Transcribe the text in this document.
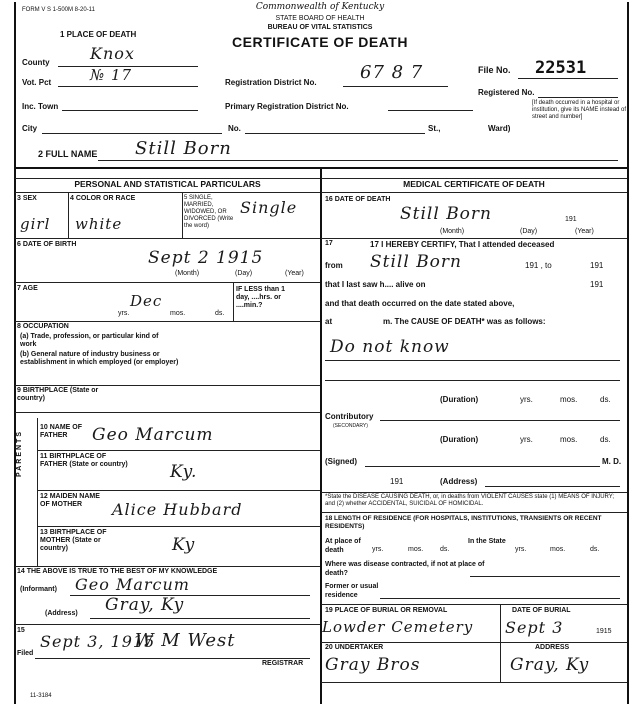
FORM V S 1-500M 8-20-11	Commonwealth of Kentucky
STATE BOARD OF HEALTH
BUREAU OF VITAL STATISTICS
CERTIFICATE OF DEATH
1 PLACE OF DEATH
County	Knox
Vot. Pct	№ 17	Registration District No. 67 8 7	File No. 22531
Registered No.
Inc. Town	Primary Registration District No.
City	No.	St.,	Ward)
[If death occurred in a hospital or institution, give its NAME instead of street and number]
2 FULL NAME Still Born
PERSONAL AND STATISTICAL PARTICULARS
3 SEX
girl
4 COLOR OR RACE
white
5 SINGLE, MARRIED, WIDOWED, OR DIVORCED (Write the word)
Single
6 DATE OF BIRTH
Sept 2 1915
(Month)	(Day)	(Year)
7 AGE
Dec
yrs.	mos.	ds.
IF LESS than 1 day, ....hrs. or ....min.?
8 OCCUPATION
(a) Trade, profession, or particular kind of work
(b) General nature of industry business or establishment in which employed (or employer)
9 BIRTHPLACE (State or country)
PARENTS
10 NAME OF FATHER	Geo Marcum
11 BIRTHPLACE OF FATHER (State or country) Ky.
12 MAIDEN NAME OF MOTHER	Alice Hubbard
13 BIRTHPLACE OF MOTHER (State or country)	Ky
14 THE ABOVE IS TRUE TO THE BEST OF MY KNOWLEDGE
Geo Marcum
(Informant)
Gray, Ky
(Address)
15
Filed
Sept 3, 1915
W M West
REGISTRAR
11-3184
MEDICAL CERTIFICATE OF DEATH
16 DATE OF DEATH
Still Born	191
(Month)	(Day)	(Year)
17	17 I HEREBY CERTIFY, That I attended deceased
from Still Born	191 , to	191
that I last saw h.... alive on	191
and that death occurred on the date stated above,
at	m. The CAUSE OF DEATH* was as follows:
Do not know
(Duration)	yrs.	mos.	ds.
Contributory
(SECONDARY)
(Duration)	yrs.	mos.	ds.
(Signed)	M. D.
191	(Address)
*State the DISEASE CAUSING DEATH, or, in deaths from VIOLENT CAUSES state (1) MEANS OF INJURY; and (2) whether ACCIDENTAL, SUICIDAL OF HOMICIDAL.
18 LENGTH OF RESIDENCE (FOR HOSPITALS, INSTITUTIONS, TRANSIENTS OR RECENT RESIDENTS)
At place of death	yrs.	mos. ds.
In the State
yrs.	mos.	ds.
Where was disease contracted, if not at place of death?
Former or usual residence
19 PLACE OF BURIAL OR REMOVAL
Lowder Cemetery
DATE OF BURIAL
Sept 3	1915
20 UNDERTAKER
Gray Bros
ADDRESS
Gray, Ky
